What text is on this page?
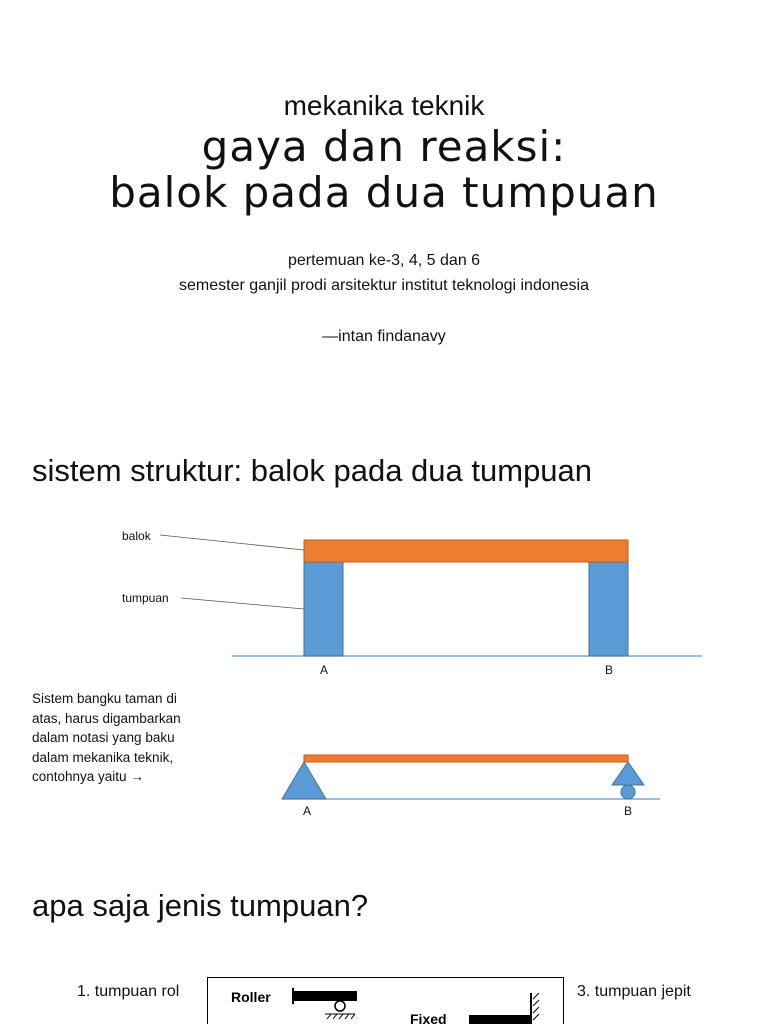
mekanika teknik
gaya dan reaksi:
balok pada dua tumpuan
pertemuan ke-3, 4, 5 dan 6
semester ganjil prodi arsitektur institut teknologi indonesia
—intan findanavy
sistem struktur: balok pada dua tumpuan
balok
tumpuan
A	B
Sistem bangku taman di atas, harus digambarkan dalam notasi yang baku dalam mekanika teknik, contohnya yaitu →
A	B
apa saja jenis tumpuan?
1. tumpuan rol	3. tumpuan jepit
Roller
Fixed
